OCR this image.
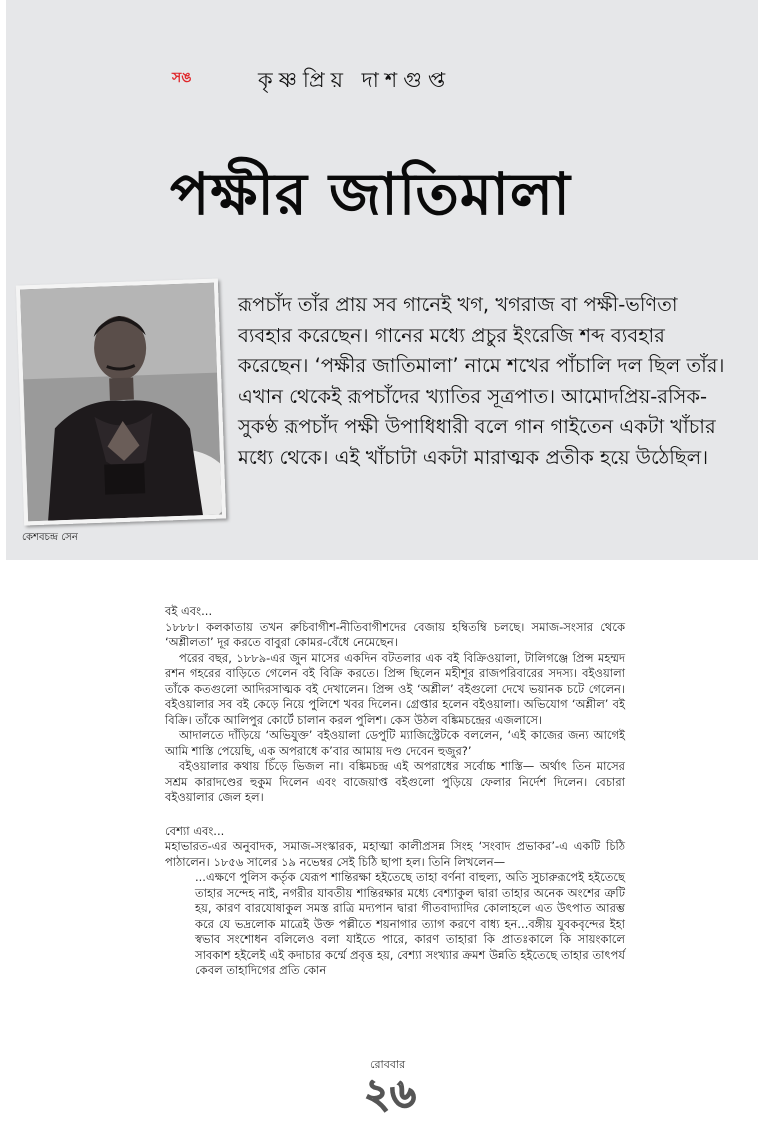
সঙ	কৃষ্ণপ্রিয় দাশগুপ্ত
পক্ষীর জাতিমালা
কেশবচন্দ্র সেন

রূপচাঁদ তাঁর প্রায় সব গানেই খগ, খগরাজ বা পক্ষী-ভণিতা ব্যবহার করেছেন। গানের মধ্যে প্রচুর ইংরেজি শব্দ ব্যবহার করেছেন। ‘পক্ষীর জাতিমালা’ নামে শখের পাঁচালি দল ছিল তাঁর। এখান থেকেই রূপচাঁদের খ্যাতির সূত্রপাত। আমোদপ্রিয়-রসিক-সুকণ্ঠ রূপচাঁদ পক্ষী উপাধিধারী বলে গান গাইতেন একটা খাঁচার মধ্যে থেকে। এই খাঁচাটা একটা মারাত্মক প্রতীক হয়ে উঠেছিল।

বই এবং...

১৮৮৮। কলকাতায় তখন রুচিবাগীশ-নীতিবাগীশদের বেজায় হম্বিতম্বি চলছে। সমাজ-সংসার থেকে ‘অশ্লীলতা’ দূর করতে বাবুরা কোমর-বেঁধে নেমেছেন।

পরের বছর, ১৮৮৯-এর জুন মাসের একদিন বটতলার এক বই বিক্রিওয়ালা, টালিগঞ্জে প্রিন্স মহম্মদ রশন গহরের বাড়িতে গেলেন বই বিক্রি করতে। প্রিন্স ছিলেন মহীশূর রাজপরিবারের সদস্য। বইওয়ালা তাঁকে কতগুলো আদিরসাত্মক বই দেখালেন। প্রিন্স ওই ‘অশ্লীল’ বইগুলো দেখে ভয়ানক চটে গেলেন। বইওয়ালার সব বই কেড়ে নিয়ে পুলিশে খবর দিলেন। গ্রেপ্তার হলেন বইওয়ালা। অভিযোগ ‘অশ্লীল’ বই বিক্রি। তাঁকে আলিপুর কোর্টে চালান করল পুলিশ। কেস উঠল বঙ্কিমচন্দ্রের এজলাসে।

আদালতে দাঁড়িয়ে ‘অভিযুক্ত’ বইওয়ালা ডেপুটি ম্যাজিস্ট্রেটকে বললেন, ‘এই কাজের জন্য আগেই আমি শাস্তি পেয়েছি, এক অপরাধে ক’বার আমায় দণ্ড দেবেন হুজুর?’

বইওয়ালার কথায় চিঁড়ে ভিজল না। বঙ্কিমচন্দ্র এই অপরাধের সর্বোচ্চ শাস্তি— অর্থাৎ তিন মাসের সশ্রম কারাদণ্ডের হুকুম দিলেন এবং বাজেয়াপ্ত বইগুলো পুড়িয়ে ফেলার নির্দেশ দিলেন। বেচারা বইওয়ালার জেল হল।

বেশ্যা এবং...

মহাভারত-এর অনুবাদক, সমাজ-সংস্কারক, মহাত্মা কালীপ্রসন্ন সিংহ ‘সংবাদ প্রভাকর’-এ একটি চিঠি পাঠালেন। ১৮৫৬ সালের ১৯ নভেম্বর সেই চিঠি ছাপা হল। তিনি লিখলেন—

...এক্ষণে পুলিস কর্তৃক যেরূপ শান্তিরক্ষা হইতেছে তাহা বর্ণনা বাহুল্য, অতি সুচারুরূপেই হইতেছে তাহার সন্দেহ নাই, নগরীর যাবতীয় শান্তিরক্ষার মধ্যে বেশ্যাকুল দ্বারা তাহার অনেক অংশের ত্রুটি হয়, কারণ বারযোষাকুল সমস্ত রাত্রি মদ্যপান দ্বারা গীতবাদ্যাদির কোলাহলে এত উৎপাত আরম্ভ করে যে ভদ্রলোক মাত্রেই উক্ত পল্লীতে শয়নাগার ত্যাগ করণে বাধ্য হন...বঙ্গীয় যুবকবৃন্দের ইহা স্বভাব সংশোধন বলিলেও বলা যাইতে পারে, কারণ তাহারা কি প্রাতঃকালে কি সায়ংকালে সাবকাশ হইলেই এই কদাচার কর্ম্মে প্রবৃত্ত হয়, বেশ্যা সংখ্যার ক্রমশ উন্নতি হইতেছে তাহার তাৎপর্য কেবল তাহাদিগের প্রতি কোন

রোববার
২৬
